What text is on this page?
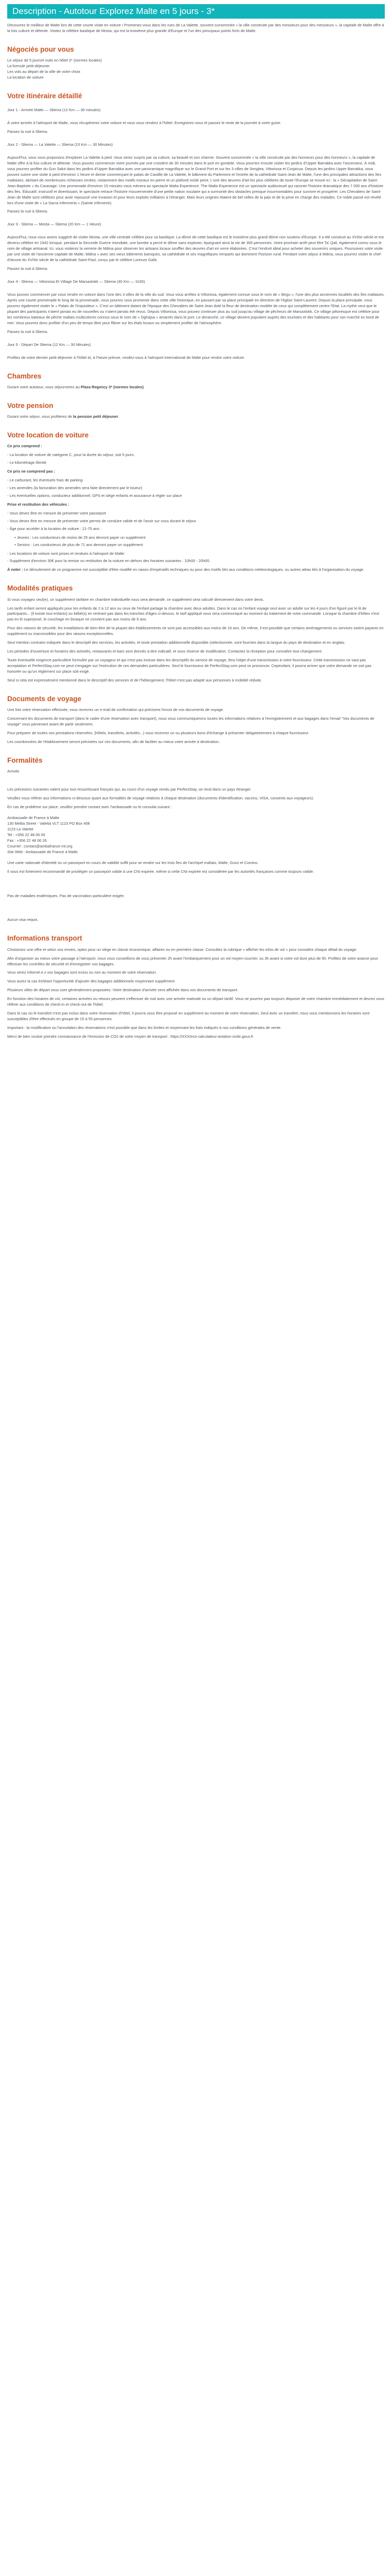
Description - Autotour Explorez Malte en 5 jours - 3*

Découvrez le meilleur de Malte lors de cette courte visite en voiture ! Promenez-vous dans les rues de La Valette, souvent surnommée « la ville construite par des messieurs pour des messieurs », la capitale de Malte offre à la fois culture et détente. Visitez la célèbre basilique de Mosta, qui est la troisième plus grande d'Europe et l'un des principaux points forts de Malte.

Négociés pour vous
Le séjour de 5 jours/4 nuits en hôtel 3* (normes locales)
La formule petit-déjeuner
Les vols au départ de la ville de votre choix
La location de voiture
Votre itinéraire détaillé

Jour 1 - Arrivée Malte — Sliema (12 Km — 30 minutes)

À votre arrivée à l'aéroport de Malte, vous récupérerez votre voiture et vous vous rendrez à l'hôtel. Enregistrez-vous et passez le reste de la journée à votre guise.

Passez la nuit à Sliema.

Jour 2 - Sliema — La Valette — Sliema (15 Km — 30 Minutes)

Aujourd'hui, vous vous proposons d'explorer La Valette à pied. Vous serez surpris par sa culture, sa beauté et son charme. Souvent surnommée « la ville construite par des honneurs pour des honneurs », la capitale de Malte offre à la fois culture et détente. Vous pouvez commencer votre journée par une croisière de 30 minutes dans le port en gondole. Vous pourriez ensuite visiter les jardins d'Upper Barrakka avec l'ascenseur. À midi, vous pourrez profiter du Gun Salut dans les jardins d'Upper Barrakka avec une panoramique magnifique sur le Grand Port et sur les 3 villes de Senglea, Vittoriosa et Cospicua. Depuis les jardins Upper Barrakka, vous pouvez suivre une visite à pied d'environ 1 heure et demie commençant le palais de Castille de La Valette, le bâtiment du Parlement et l'entrée de la cathédrale Saint-Jean de Malte, l'une des principales attractions des îles maltaises, abritant de nombreuses richesses ornées, notamment des motifs moraux en pierre et un plafond voûté peint. L'une des œuvres d'art les plus célèbres de toute l'Europe se trouve ici : la « Décapitation de Saint-Jean-Baptiste » du Caravage. Une promenade d'environ 15 minutes vous mènera au spectacle Malta Experience. The Malta Experience est un spectacle audiovisuel qui raconte l'histoire dramatique des 7 000 ans d'histoire des îles. Éducatif, instructif et divertissant, le spectacle retrace l'histoire mouvementée d'une petite nation insulaire qui a surmonté des obstacles presque insurmontables pour survivre et prospérer. Les Chevaliers de Saint-Jean de Malte sont célèbres pour avoir repoussé une invasion et pour leurs exploits militaires à l'étranger. Mais leurs origines étaient de bel celles de la paix et de la prise en charge des malades. Ce noble passé est révélé lors d'une visite de « La Sacra Infermeria » (Sainte Infirmerie).

Passez la nuit à Sliema.

Jour 3 - Sliema — Mosta — Sliema (20 Km — 1 Heure)

Aujourd'hui, nous vous avons suggéré de visiter Mosta, une ville centrale célèbre pour sa basilique. La dôme de cette basilique est le troisième plus grand dôme non soutenu d'Europe. Il a été construit au XVIIIe siècle et est devenu célèbre en 1942 lorsque, pendant la Seconde Guerre mondiale, une bombe a percé le dôme sans exploser, épargnant ainsi la vie de 300 personnes. Votre prochain arrêt peut être Ta' Qali, également connu sous le nom de village artisanal. Ici, vous visiterez la verrerie de Mdina pour observer les artisans locaux souffler des œuvres d'art en verre élaborées. C'est l'endroit idéal pour acheter des souvenirs uniques. Poursuivez votre visite par une visite de l'ancienne capitale de Malte, Mdina » avec ses vieux bâtiments baroques, sa cathédrale et ses magnifiques remparts qui dominent l'horizon rural. Pendant votre séjour à Mdina, vous pourrez visiter le chef-d'œuvre du XVIIIe siècle de la cathédrale Saint-Paul, conçu par le célèbre Lorenzo Gafà.

Passez la nuit à Sliema.

Jour 4 - Sliema — Vittoriosa Et Village De Marsaxlokk — Sliema (40 Km — 1h30)

Vous pouvez commencer par vous rendre en voiture dans l'une des 3 villes de la ville du sud. Vous vous arrêtez à Vittoriosa, également connue sous le nom de « Birgu », l'une des plus anciennes localités des îles maltaises. Après une courte promenade le long de la promenade, vous pourrez vous promener dans cette ville historique, en passant par sa place principale en direction de l'église Saint-Laurent. Depuis la place principale, vous pourrez également visiter le « Palais de l'Inquisiteur ». C'est un bâtiment datant de l'époque des Chevaliers de Saint-Jean doté la fleur de destination modèle de ceux qui complètement centre l'Etat. La mythe veut que le plupart des participants n'aient jamais eu de nouvelles ou n'aient jamais été revus. Depuis Vittoriosa, vous pouvez continuer plus au sud jusqu'au village de pêcheurs de Marsaxlokk. Ce village pittoresque est célèbre pour les nombreux bateaux de pêche maltais multicolores connus sous le nom de « Dghajsa » amarrés dans le port. Le dimanche, ce village devient populaire auprès des touristes et des habitants pour son marché en bord de mer. Vous pourrez donc profiter d'un peu de temps libre pour flâner sur les étals locaux ou simplement profiter de l'atmosphère.

Passez la nuit à Sliema.

Jour 5 - Départ De Sliema (12 Km — 30 Minutes)

Profitez de votre dernier petit-déjeuner à l'hôtel et, à l'heure prévue, rendez-vous à l'aéroport international de Malte pour rendre votre voiture.

Chambres

Durant votre autotour, vous séjournerez au Plaza Regency 3* (normes locales).

Votre pension

Durant votre séjour, vous profiterez de la pension petit déjeuner.

Votre location de voiture

Ce prix comprend :

- La location de voiture de catégorie C, pour la durée du séjour, soit 5 jours.
- Le kilométrage illimité

Ce prix ne comprend pas :

- Le carburant, les éventuels frais de parking
- Les amendes (la facturation des amendes sera faite directement par le loueur)
- Les éventuelles options, conducteur additionnel, GPS et siège enfants et assurance à régler sur place

Prise et restitution des véhicules :

- Vous devez être en mesure de présenter votre passeport
- Vous devez être en mesure de présenter votre permis de conduire valide et de l'avoir sur vous durant le séjour
- Âge pour accéder à la location de voiture : 21-75 ans :
• Jeunes : Les conducteurs de moins de 25 ans devront payer un supplément
• Seniors : Les conducteurs de plus de 71 ans devront payer un supplément
- Les locations de voiture sont prises et rendues à l'aéroport de Malte
- Supplément d'environ 30€ pour la remise ou restitution de la voiture en dehors des horaires suivantes : 10h00 - 20h00.

À noter : Le déroulement de ce programme est susceptible d'être modifié en raison d'impératifs techniques ou pour des motifs liés aux conditions météorologiques, ou autres aléas liés à l'organisation du voyage.

Modalités pratiques

Si vous voyagez seul(e), un supplément tarifaire en chambre individuelle vous sera demandé; ce supplément sera calculé directement dans votre devis.

Les tarifs enfant seront appliqués pour les enfants de 2 à 12 ans ou ceux de l'enfant partage la chambre avec deux adultes. Dans le cas où l'enfant voyage seul avec un adulte sur les 4 jours d'un figuré par le lit de participants... (il existe tout enfants) ou bébé(s) en rentrant pas dans les tranches d'âges ci-dessus, le tarif appliqué vous sera communiqué au moment du traitement de votre commande. Lorsque la chambre d'hôtes n'est pas en lit superposé, le couchage en bivaque ne convient pas aux moins de 6 ans.

Pour des raisons de sécurité, les installations de bien-être de la plupart des établissements ne sont pas accessibles aux moins de 16 ans. De même, il est possible que certains aménagements ou services soient payants en supplément ou inaccessibles pour des raisons exceptionnelles.

Seul mention contraire indiquée dans le descriptif des services, les activités, et toute prestation additionnelle disponible (sélectionnée, sont fournies dans la langue du pays de destination et en anglais.

Les périodes d'ouverture et horaires des activités, restaurants et bars sont donnés à titre indicatif, et sous réserve de modification. Contactez la réception pour connaître tout changement.

Toute éventuelle exigence particulière formulée par un voyageur et qui n'est pas incluse dans les descriptifs du service de voyage, fera l'objet d'une transmission à notre fournisseur. Cette transmission ne vaut pas acceptation et PerfectStay.com ne peut s'engager sur l'exécution de ces demandes particulières. Seul le fournisseur de PerfectStay.com peut se prononcer. Cependant, il pourra arriver que votre demande ne soit pas honorée ou qu'un règlement sur place soit exigé.

Seul si cela est expressément mentionné dans le descriptif des services et de l'hébergement, l'hôtel n'est pas adapté aux personnes à mobilité réduite.

Documents de voyage

Une fois votre réservation effectuée, vous recevrez un e-mail de confirmation qui précisera l'envoi de vos documents de voyage.

Concernant les documents de transport (dans le cadre d'une réservation avec transport), nous vous communiquerons toutes les informations relatives à l'enregistrement et aux bagages dans l'email "Vos documents de voyage" vous parvenant avant de partir seulement.

Pour préparer de toutes vos prestations réservées, (hôtels, transferts, activités...) vous recevrez un ou plusieurs bons d'échange à présenter obligatoirement à chaque fournisseur.

Les coordonnées de l'établissement seront précisées sur ces documents, afin de faciliter au mieux votre arrivée à destination.

Formalités

Arrivée

Les précisions suivantes valent pour tout ressortissant français qui, au cours d'un voyage vendu par PerfectStay, se rend dans un pays étranger.

Veuillez nous référer aux informations ci-dessous quant aux formalités de voyage relatives à chaque destination (documents d'identification, vaccins, VISA, consents aux voyageurs).

En cas de problème sur place, veuillez prendre contact avec l'ambassade ou le consulat suivant :

Ambassade de France à Malte
130 Melita Street - Valetta VLT 1123 PO Box 408
1123 La Valette
Tel : +356 22 48 06 00
Fax : +356 22 48 06 26
Courriel : contact@ambafrance-mt.org
Site Web : Ambassade de France à Malte

Une carte nationale d'identité ou un passeport en cours de validité suffit pour se rendre sur les trois îles de l'archipel maltais, Malte, Gozo et Comino.

Il vous est fortement recommandé de privilégier un passeport valide à une CNI expirée, même si cette CNI expirée est considérée par les autorités françaises comme toujours valide.

Pas de maladies endémiques. Pas de vaccination particulière exigée.

Aucun visa requis.

Informations transport

Choisissez une offre et selon vos envies, optez pour un siège en classe économique, affaires ou en première classe. Consultez la rubrique « afficher les infos de vol » pour connaître chaque détail du voyage.

Afin d'organiser au mieux votre passage à l'aéroport, nous vous conseillons de vous présenter 2h avant l'embarquement pour un vol moyen-courrier, ou 3h avant si votre vol dure plus de 5h. Profitez de votre avance pour effectuer les contrôles de sécurité et d'enregistrer vos bagages.

Vous serez informé.e.s vos bagages sont inclus ou non au moment de votre réservation.

Vous aurez la cas échéant l'opportunité d'ajouter des bagages additionnels moyennant supplément

Plusieurs villes de départ vous sont généralement proposées. Votre destination d'arrivée sera affichée dans vos documents de transport.

En fonction des horaires de vol, certaines arrivées ou retours peuvent s'effectuer de nuit avec une arrivée matinale ou un départ tardif. Vous ne pourrez pas toujours disposer de votre chambre immédiatement et devrez vous référer aux conditions de check-in et check-out de l'hôtel.

Dans le cas où le transfert n'est pas inclus dans votre réservation d'hôtel, il pourra vous être proposé en supplément au moment de votre réservation. Seul avec un transfert, nous vous mentionnons les horaires sont susceptibles d'être effectués en groupe de 15 à 55 personnes.

Important : la modification ou l'annulation des réservations n'est possible que dans les limites et moyennant les frais indiqués à nos conditions générales de vente.

Merci de bien vouloir prendre connaissance de l'émission de CO2 de votre moyen de transport : https://XXX/eco-calculateur-aviation-civile.gouv.fr
